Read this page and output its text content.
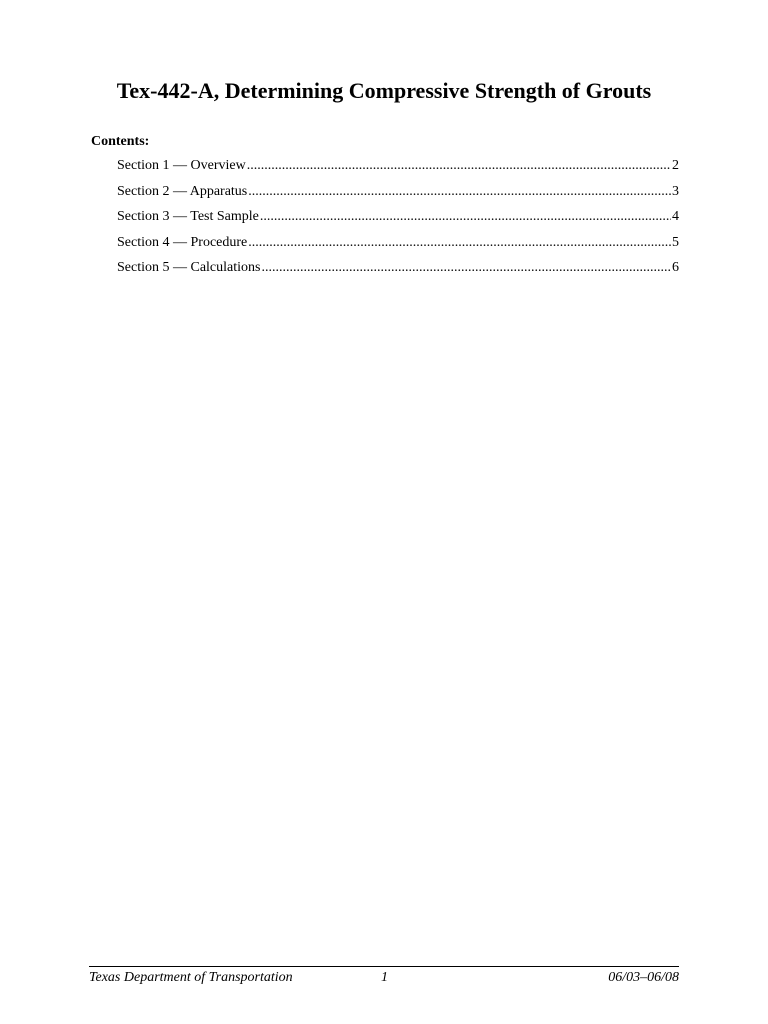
Tex-442-A, Determining Compressive Strength of Grouts
Contents:
Section 1 — Overview .....	2
Section 2 — Apparatus .....	3
Section 3 — Test Sample .....	4
Section 4 — Procedure .....	5
Section 5 — Calculations .....	6
Texas Department of Transportation	1	06/03–06/08
